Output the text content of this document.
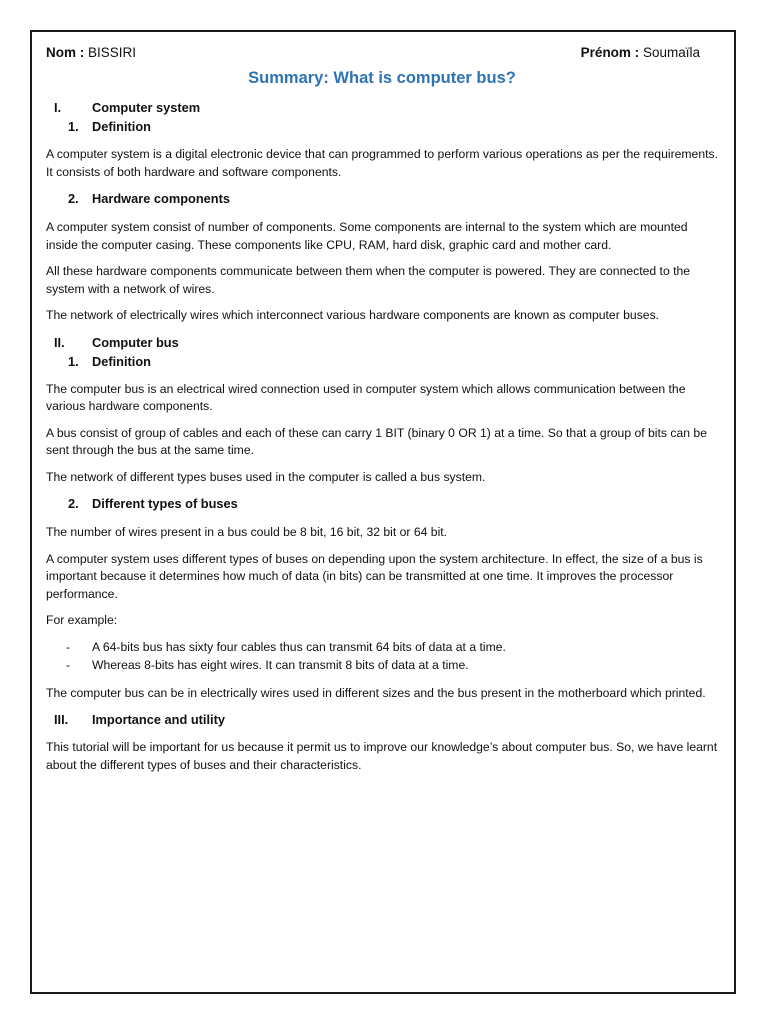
Nom : BISSIRI	Prénom : Soumaïla
Summary: What is computer bus?
I.	Computer system
1.	Definition

A computer system is a digital electronic device that can programmed to perform various operations as per the requirements. It consists of both hardware and software components.

2.	Hardware components

A computer system consist of number of components. Some components are internal to the system which are mounted inside the computer casing. These components like CPU, RAM, hard disk, graphic card and mother card.

All these hardware components communicate between them when the computer is powered. They are connected to the system with a network of wires.

The network of electrically wires which interconnect various hardware components are known as computer buses.

II.	Computer bus
1.	Definition

The computer bus is an electrical wired connection used in computer system which allows communication between the various hardware components.

A bus consist of group of cables and each of these can carry 1 BIT (binary 0 OR 1) at a time. So that a group of bits can be sent through the bus at the same time.

The network of different types buses used in the computer is called a bus system.

2.	Different types of buses

The number of wires present in a bus could be 8 bit, 16 bit, 32 bit or 64 bit.

A computer system uses different types of buses on depending upon the system architecture. In effect, the size of a bus is important because it determines how much of data (in bits) can be transmitted at one time. It improves the processor performance.

For example:

-	A 64-bits bus has sixty four cables thus can transmit 64 bits of data at a time.
-	Whereas 8-bits has eight wires. It can transmit 8 bits of data at a time.

The computer bus can be in electrically wires used in different sizes and the bus present in the motherboard which printed.

III.	Importance and utility

This tutorial will be important for us because it permit us to improve our knowledge’s about computer bus. So, we have learnt about the different types of buses and their characteristics.
